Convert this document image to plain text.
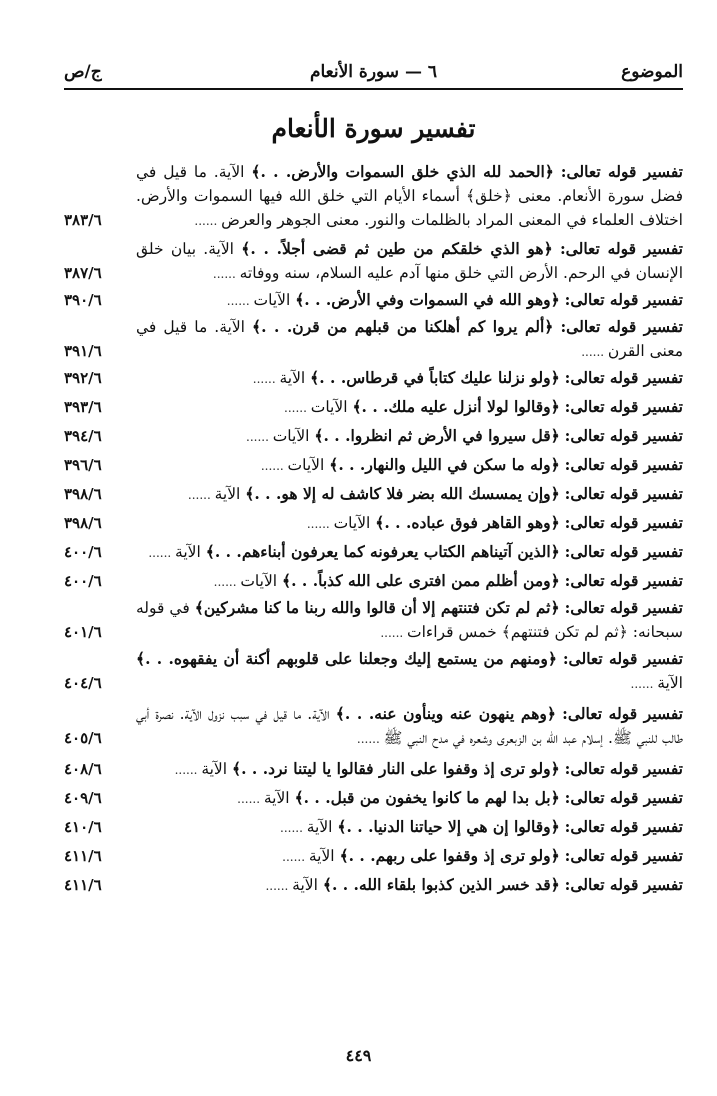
الموضوع
٦ — سورة الأنعام
ج/ص
تفسير سورة الأنعام
تفسير قوله تعالى: ﴿الحمد لله الذي خلق السموات والأرض. . .﴾ الآية. ما قيل في فضل سورة الأنعام. معنى ﴿خلق﴾ أسماء الأيام التي خلق الله فيها السموات والأرض. اختلاف العلماء في المعنى المراد بالظلمات والنور. معنى الجوهر والعرض ......
٣٨٣/٦
تفسير قوله تعالى: ﴿هو الذي خلقكم من طين ثم قضى أجلاً. . .﴾ الآية. بيان خلق الإنسان في الرحم. الأرض التي خلق منها آدم عليه السلام، سنه ووفاته ......
٣٨٧/٦
تفسير قوله تعالى: ﴿وهو الله في السموات وفي الأرض. . .﴾ الآيات ......
٣٩٠/٦
تفسير قوله تعالى: ﴿ألم يروا كم أهلكنا من قبلهم من قرن. . .﴾ الآية. ما قيل في معنى القرن ......
٣٩١/٦
تفسير قوله تعالى: ﴿ولو نزلنا عليك كتاباً في قرطاس. . .﴾ الآية ......
٣٩٢/٦
تفسير قوله تعالى: ﴿وقالوا لولا أنزل عليه ملك. . .﴾ الآيات ......
٣٩٣/٦
تفسير قوله تعالى: ﴿قل سيروا في الأرض ثم انظروا. . .﴾ الآيات ......
٣٩٤/٦
تفسير قوله تعالى: ﴿وله ما سكن في الليل والنهار. . .﴾ الآيات ......
٣٩٦/٦
تفسير قوله تعالى: ﴿وإن يمسسك الله بضر فلا كاشف له إلا هو. . .﴾ الآية ......
٣٩٨/٦
تفسير قوله تعالى: ﴿وهو القاهر فوق عباده. . .﴾ الآيات ......
٣٩٨/٦
تفسير قوله تعالى: ﴿الذين آتيناهم الكتاب يعرفونه كما يعرفون أبناءهم. . .﴾ الآية ......
٤٠٠/٦
تفسير قوله تعالى: ﴿ومن أظلم ممن افترى على الله كذباً. . .﴾ الآيات ......
٤٠٠/٦
تفسير قوله تعالى: ﴿ثم لم تكن فتنتهم إلا أن قالوا والله ربنا ما كنا مشركين﴾ في قوله سبحانه: ﴿ثم لم تكن فتنتهم﴾ خمس قراءات ......
٤٠١/٦
تفسير قوله تعالى: ﴿ومنهم من يستمع إليك وجعلنا على قلوبهم أكنة أن يفقهوه. . .﴾ الآية ......
٤٠٤/٦
تفسير قوله تعالى: ﴿وهم ينهون عنه وينأون عنه. . .﴾ الآية. ما قيل في سبب نزول الآية. نصرة أبي طالب للنبي ﷺ. إسلام عبد الله بن الزبعرى وشعره في مدح النبي ﷺ ......
٤٠٥/٦
تفسير قوله تعالى: ﴿ولو ترى إذ وقفوا على النار فقالوا يا ليتنا نرد. . .﴾ الآية ......
٤٠٨/٦
تفسير قوله تعالى: ﴿بل بدا لهم ما كانوا يخفون من قبل. . .﴾ الآية ......
٤٠٩/٦
تفسير قوله تعالى: ﴿وقالوا إن هي إلا حياتنا الدنيا. . .﴾ الآية ......
٤١٠/٦
تفسير قوله تعالى: ﴿ولو ترى إذ وقفوا على ربهم. . .﴾ الآية ......
٤١١/٦
تفسير قوله تعالى: ﴿قد خسر الذين كذبوا بلقاء الله. . .﴾ الآية ......
٤١١/٦
٤٤٩
